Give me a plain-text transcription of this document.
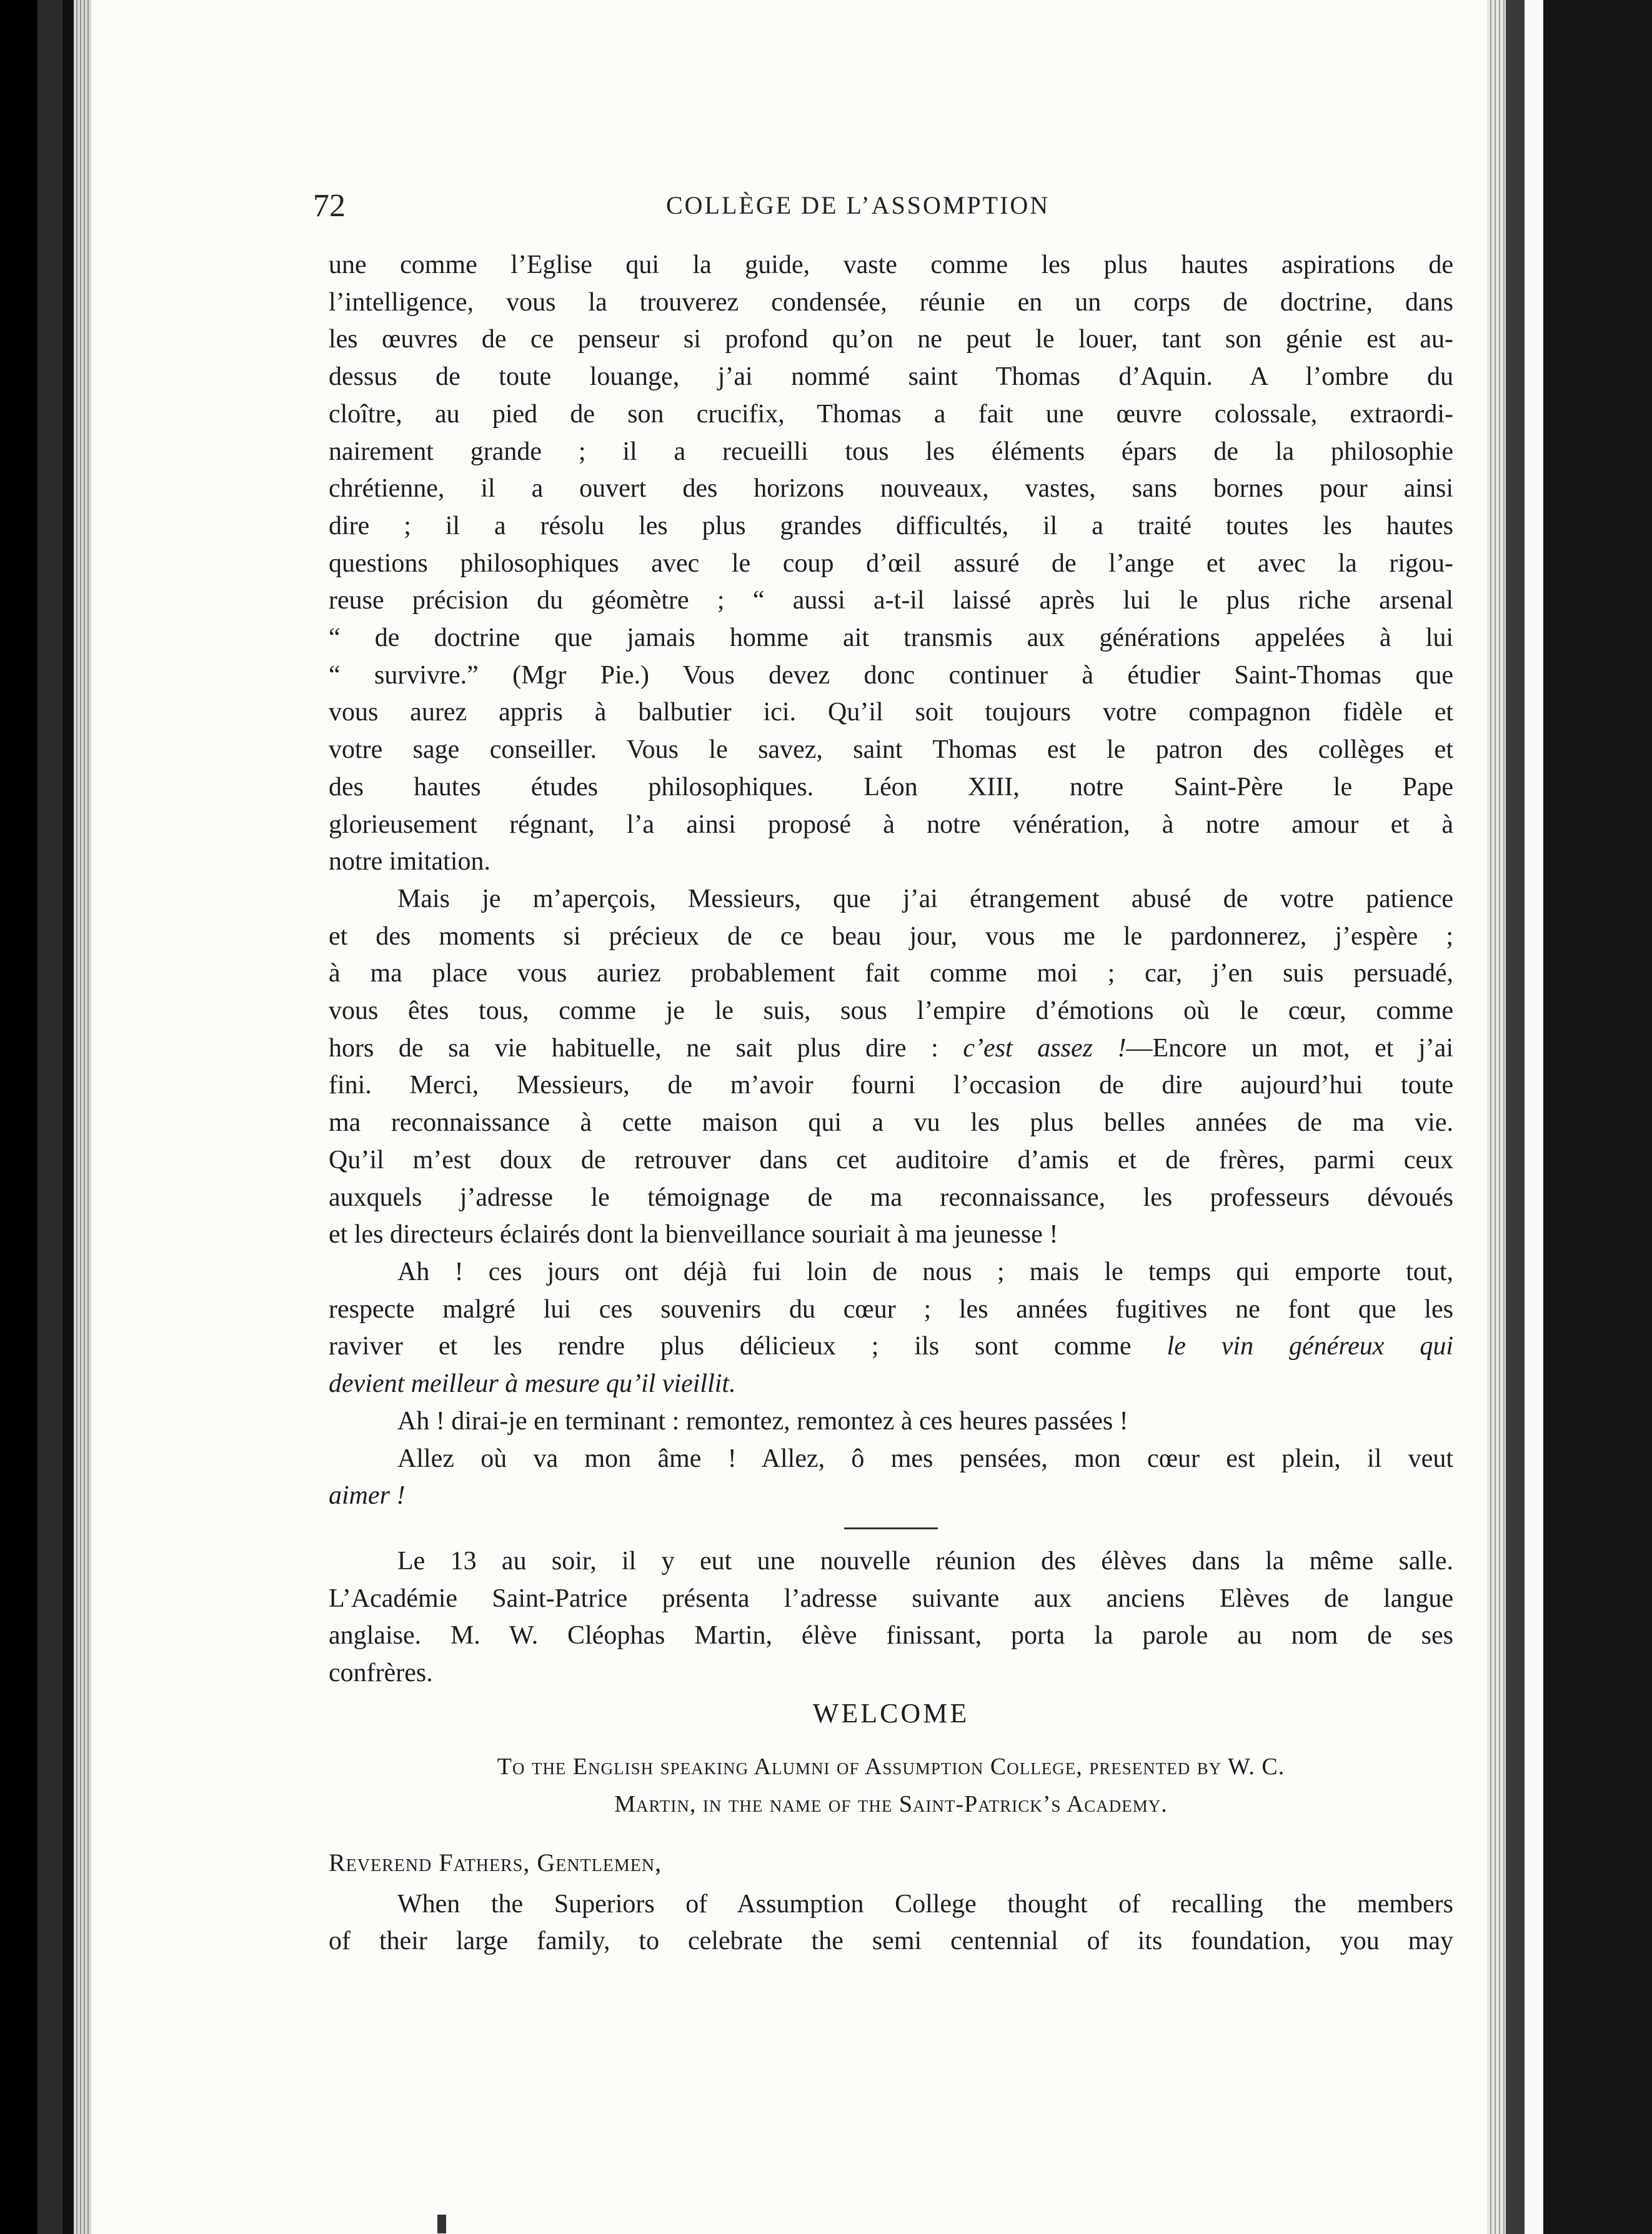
72	COLLÈGE DE L’ASSOMPTION

une comme l’Eglise qui la guide, vaste comme les plus hautes aspirations de
l’intelligence, vous la trouverez condensée, réunie en un corps de doctrine, dans
les œuvres de ce penseur si profond qu’on ne peut le louer, tant son génie est au-
dessus de toute louange, j’ai nommé saint Thomas d’Aquin. A l’ombre du
cloître, au pied de son crucifix, Thomas a fait une œuvre colossale, extraordi-
nairement grande ; il a recueilli tous les éléments épars de la philosophie
chrétienne, il a ouvert des horizons nouveaux, vastes, sans bornes pour ainsi
dire ; il a résolu les plus grandes difficultés, il a traité toutes les hautes
questions philosophiques avec le coup d’œil assuré de l’ange et avec la rigou-
reuse précision du géomètre ; “ aussi a-t-il laissé après lui le plus riche arsenal
“ de doctrine que jamais homme ait transmis aux générations appelées à lui
“ survivre.” (Mgr Pie.) Vous devez donc continuer à étudier Saint-Thomas que
vous aurez appris à balbutier ici. Qu’il soit toujours votre compagnon fidèle et
votre sage conseiller. Vous le savez, saint Thomas est le patron des collèges et
des hautes études philosophiques. Léon XIII, notre Saint-Père le Pape
glorieusement régnant, l’a ainsi proposé à notre vénération, à notre amour et à
notre imitation.

Mais je m’aperçois, Messieurs, que j’ai étrangement abusé de votre patience
et des moments si précieux de ce beau jour, vous me le pardonnerez, j’espère ;
à ma place vous auriez probablement fait comme moi ; car, j’en suis persuadé,
vous êtes tous, comme je le suis, sous l’empire d’émotions où le cœur, comme
hors de sa vie habituelle, ne sait plus dire : c’est assez !—Encore un mot, et j’ai
fini. Merci, Messieurs, de m’avoir fourni l’occasion de dire aujourd’hui toute
ma reconnaissance à cette maison qui a vu les plus belles années de ma vie.
Qu’il m’est doux de retrouver dans cet auditoire d’amis et de frères, parmi ceux
auxquels j’adresse le témoignage de ma reconnaissance, les professeurs dévoués
et les directeurs éclairés dont la bienveillance souriait à ma jeunesse !

Ah ! ces jours ont déjà fui loin de nous ; mais le temps qui emporte tout,
respecte malgré lui ces souvenirs du cœur ; les années fugitives ne font que les
raviver et les rendre plus délicieux ; ils sont comme le vin généreux qui
devient meilleur à mesure qu’il vieillit.

Ah ! dirai-je en terminant : remontez, remontez à ces heures passées !

Allez où va mon âme ! Allez, ô mes pensées, mon cœur est plein, il veut
aimer !

Le 13 au soir, il y eut une nouvelle réunion des élèves dans la même salle.
L’Académie Saint-Patrice présenta l’adresse suivante aux anciens Elèves de langue
anglaise. M. W. Cléophas Martin, élève finissant, porta la parole au nom de ses
confrères.

WELCOME
To the English speaking Alumni of Assumption College, presented by W. C.
Martin, in the name of the Saint-Patrick’s Academy.
Reverend Fathers, Gentlemen,

When the Superiors of Assumption College thought of recalling the members
of their large family, to celebrate the semi centennial of its foundation, you may
